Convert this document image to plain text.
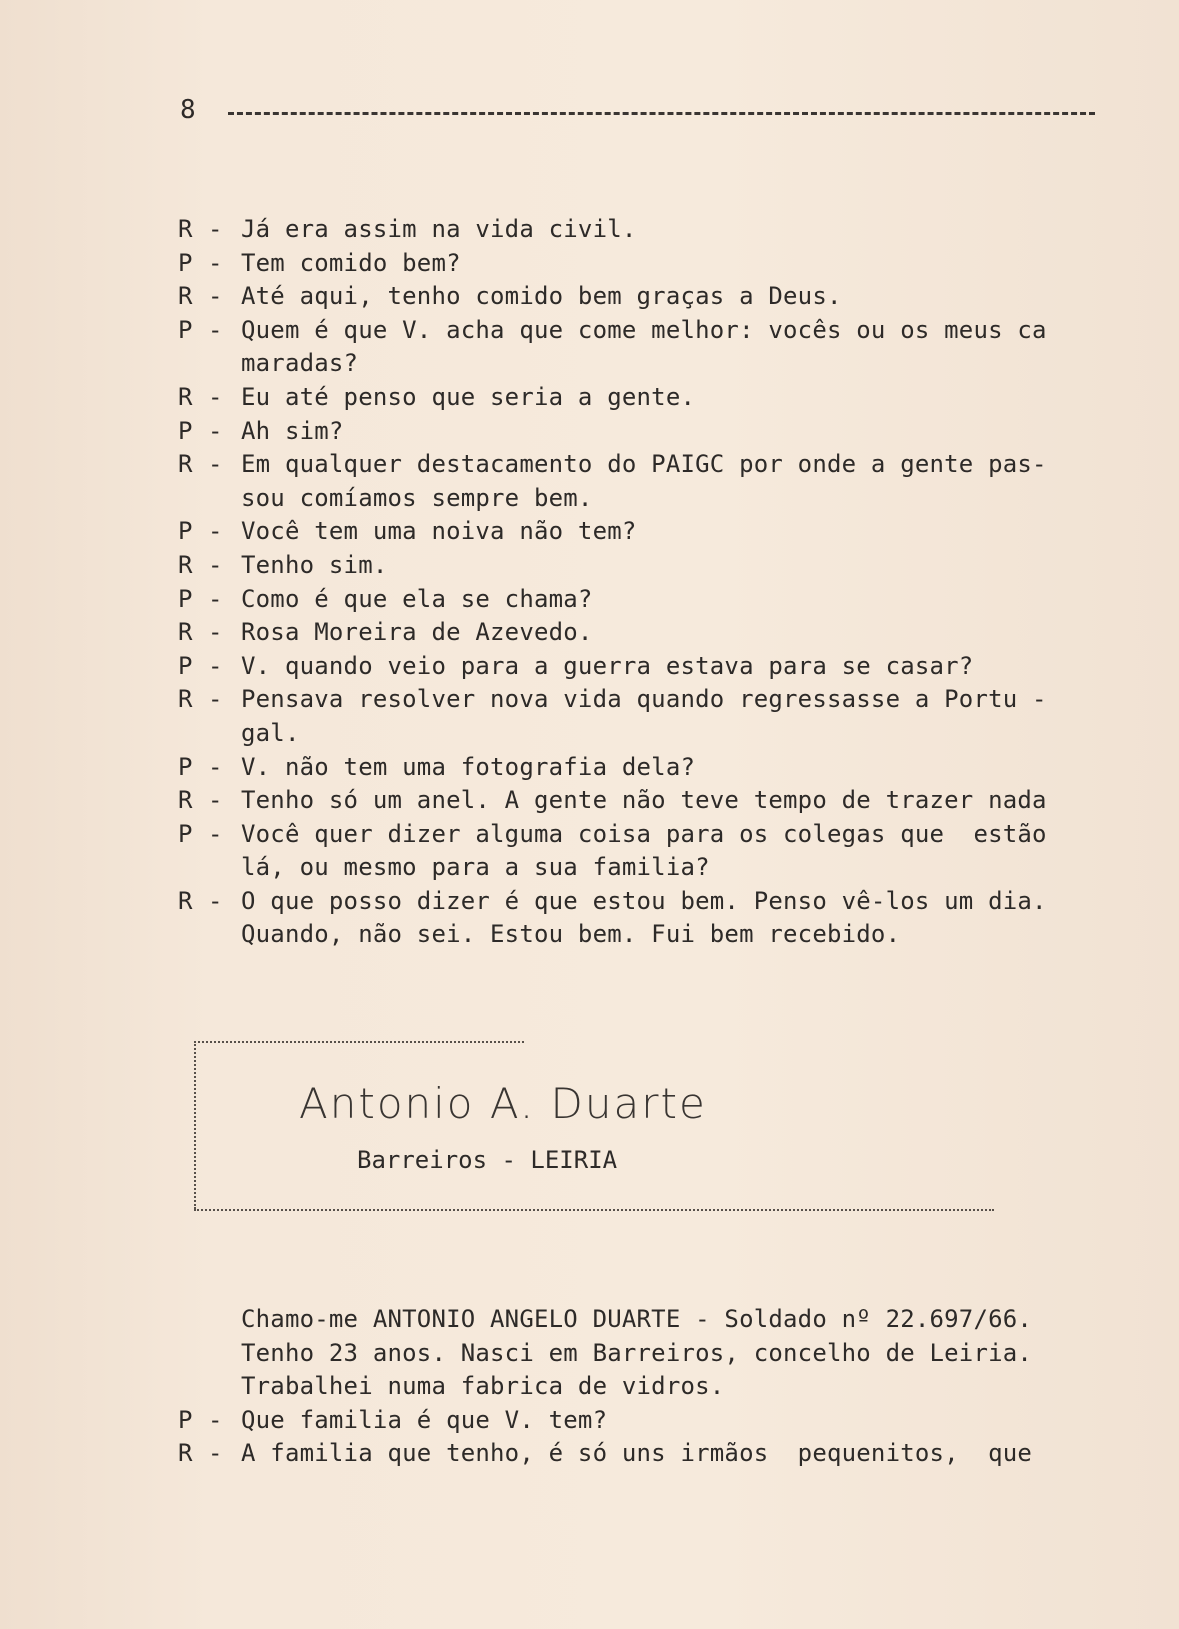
8
R - Já era assim na vida civil.
P - Tem comido bem?
R - Até aqui, tenho comido bem graças a Deus.
P - Quem é que V. acha que come melhor: vocês ou os meus ca
maradas?
R - Eu até penso que seria a gente.
P - Ah sim?
R - Em qualquer destacamento do PAIGC por onde a gente pas-
sou comíamos sempre bem.
P - Você tem uma noiva não tem?
R - Tenho sim.
P - Como é que ela se chama?
R - Rosa Moreira de Azevedo.
P - V. quando veio para a guerra estava para se casar?
R - Pensava resolver nova vida quando regressasse a Portu -
gal.
P - V. não tem uma fotografia dela?
R - Tenho só um anel. A gente não teve tempo de trazer nada
P - Você quer dizer alguma coisa para os colegas que  estão
lá, ou mesmo para a sua familia?
R - O que posso dizer é que estou bem. Penso vê-los um dia.
Quando, não sei. Estou bem. Fui bem recebido.
Antonio A. Duarte
Barreiros - LEIRIA
Chamo-me ANTONIO ANGELO DUARTE - Soldado nº 22.697/66.
Tenho 23 anos. Nasci em Barreiros, concelho de Leiria.
Trabalhei numa fabrica de vidros.
P - Que familia é que V. tem?
R - A familia que tenho, é só uns irmãos  pequenitos,  que
